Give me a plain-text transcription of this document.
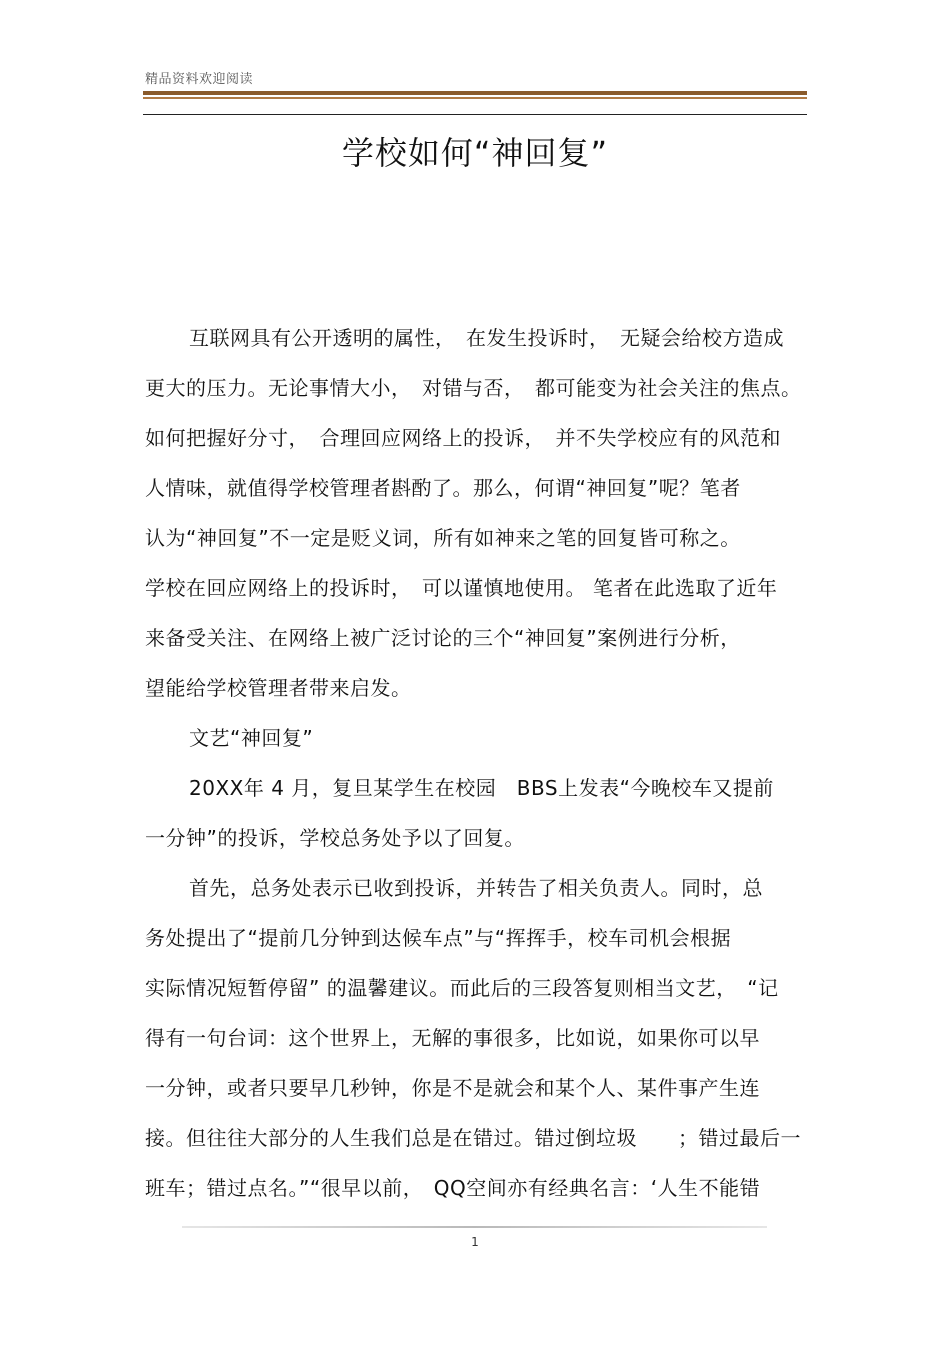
精品资料欢迎阅读
学校如何“神回复”
互联网具有公开透明的属性，　在发生投诉时，　无疑会给校方造成
更大的压力。无论事情大小，　对错与否，　都可能变为社会关注的焦点。
如何把握好分寸，　合理回应网络上的投诉，　并不失学校应有的风范和
人情味，就值得学校管理者斟酌了。那么，何谓“神回复”呢？笔者
认为“神回复”不一定是贬义词，所有如神来之笔的回复皆可称之。
学校在回应网络上的投诉时，　可以谨慎地使用。 笔者在此选取了近年
来备受关注、在网络上被广泛讨论的三个“神回复”案例进行分析，
望能给学校管理者带来启发。
文艺“神回复”
20XX年 4 月，复旦某学生在校园　BBS上发表“今晚校车又提前
一分钟”的投诉，学校总务处予以了回复。
首先，总务处表示已收到投诉，并转告了相关负责人。同时，总
务处提出了“提前几分钟到达候车点”与“挥挥手，校车司机会根据
实际情况短暂停留” 的温馨建议。而此后的三段答复则相当文艺，　“记
得有一句台词：这个世界上，无解的事很多，比如说，如果你可以早
一分钟，或者只要早几秒钟，你是不是就会和某个人、某件事产生连
接。但往往大部分的人生我们总是在错过。错过倒垃圾　　；错过最后一
班车；错过点名。”“很早以前，　QQ空间亦有经典名言：‘人生不能错
1
